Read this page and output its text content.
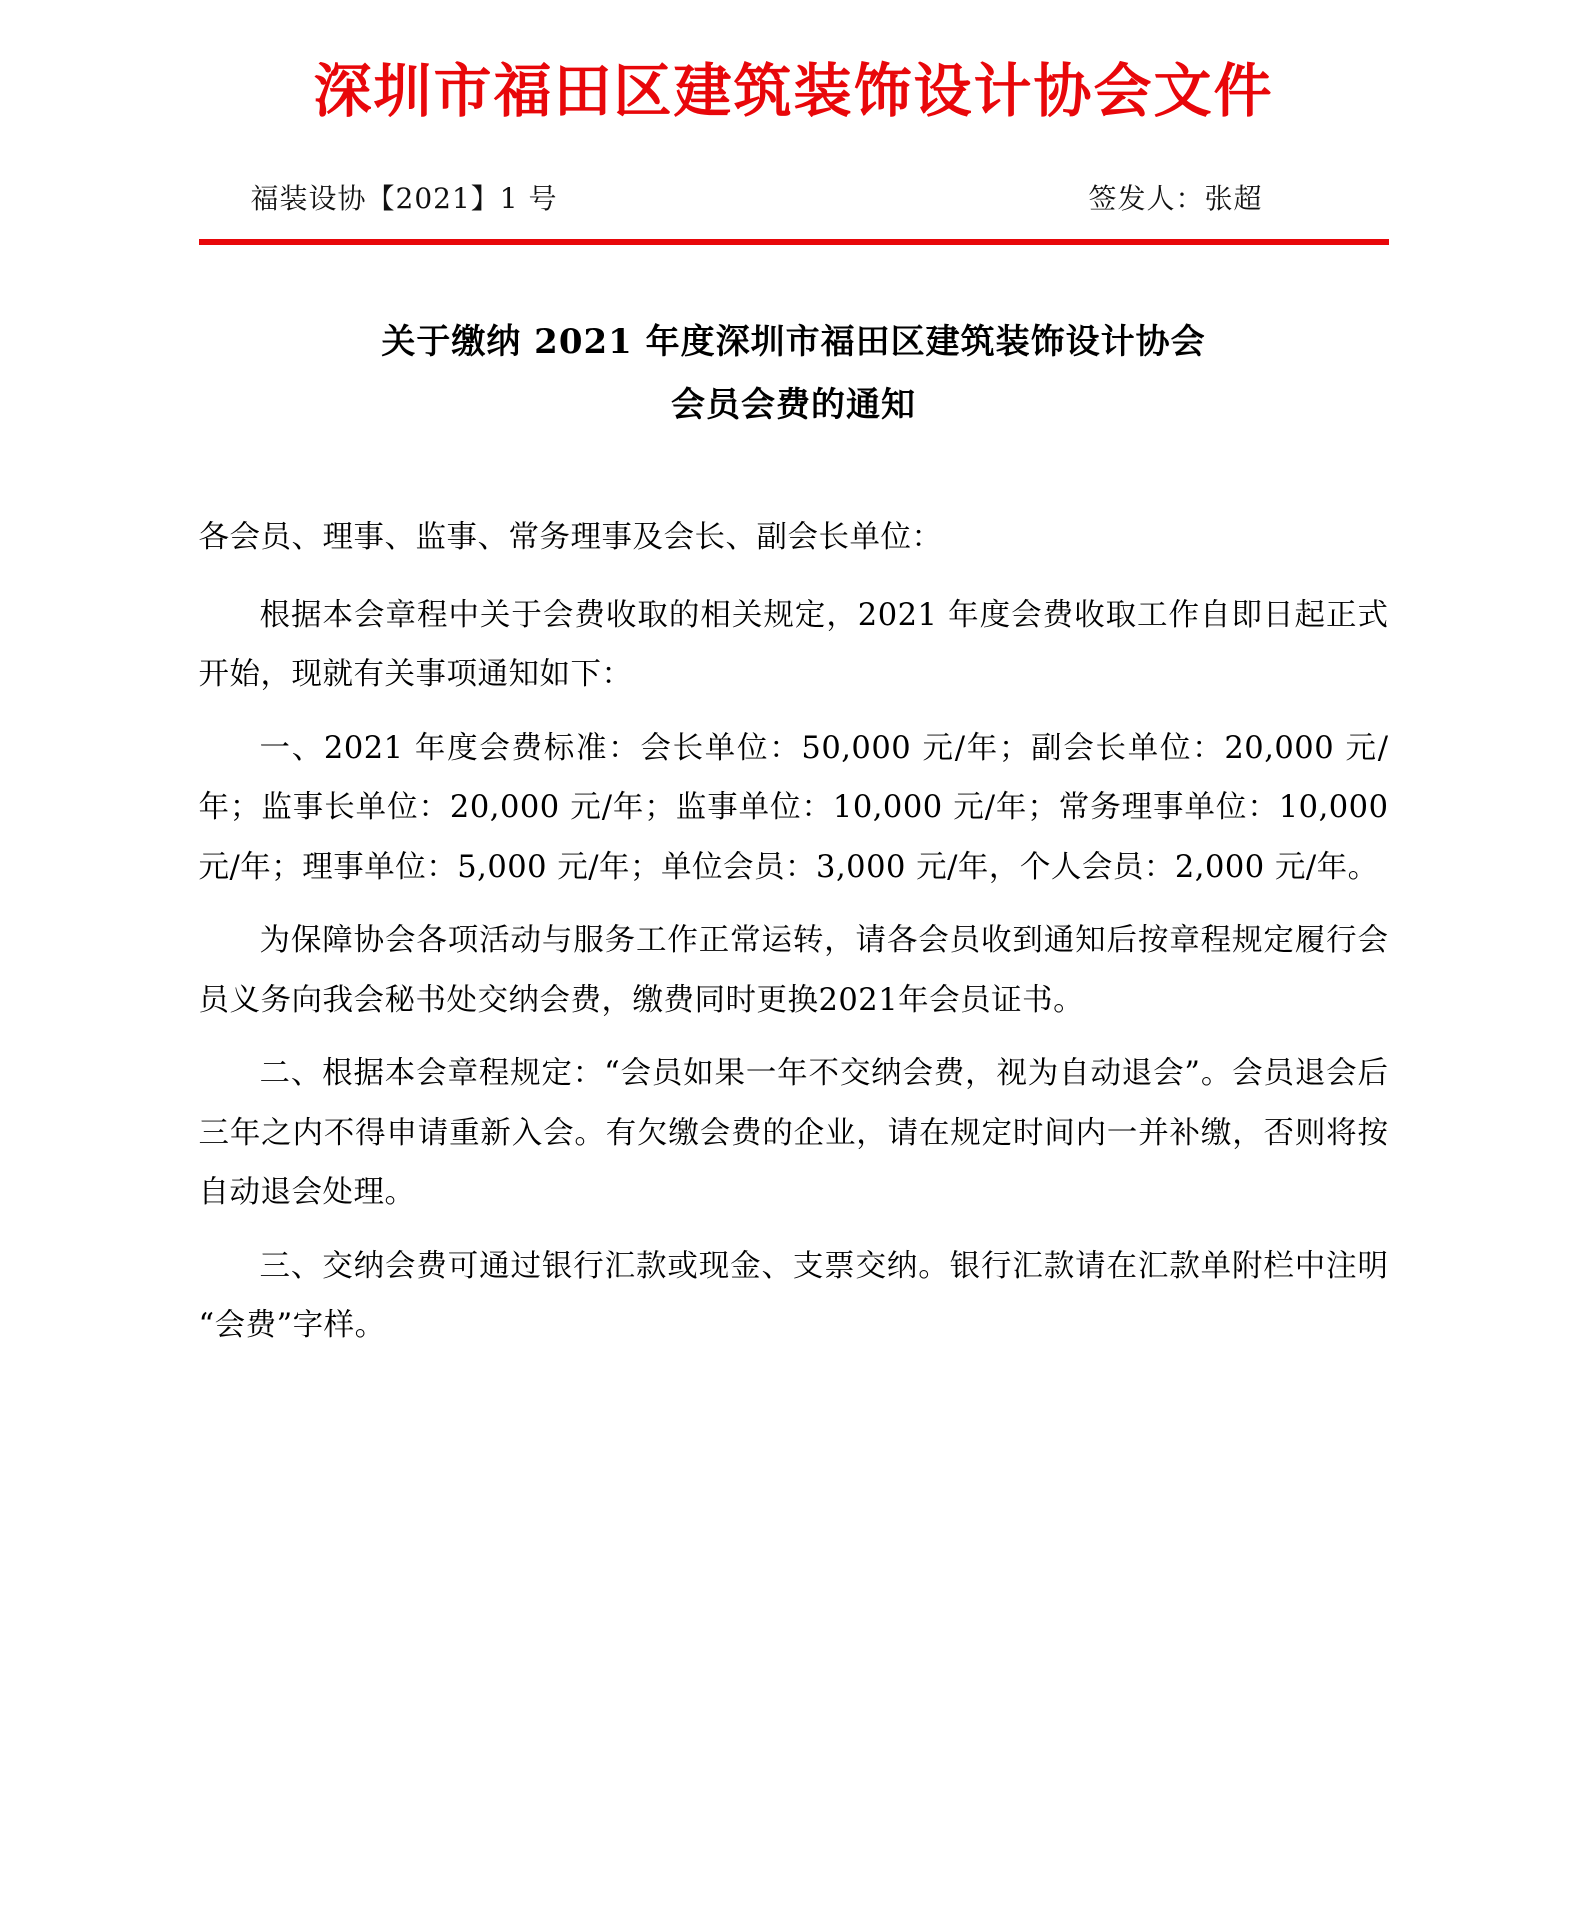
深圳市福田区建筑装饰设计协会文件
福装设协【2021】1 号	签发人：张超
关于缴纳 2021 年度深圳市福田区建筑装饰设计协会
会员会费的通知

各会员、理事、监事、常务理事及会长、副会长单位：

根据本会章程中关于会费收取的相关规定，2021 年度会费收取工作自即日起正式开始，现就有关事项通知如下：

一、2021 年度会费标准：会长单位：50,000 元/年；副会长单位：20,000 元/年；监事长单位：20,000 元/年；监事单位：10,000 元/年；常务理事单位：10,000 元/年；理事单位：5,000 元/年；单位会员：3,000 元/年，个人会员：2,000 元/年。

为保障协会各项活动与服务工作正常运转，请各会员收到通知后按章程规定履行会员义务向我会秘书处交纳会费，缴费同时更换2021年会员证书。

二、根据本会章程规定：“会员如果一年不交纳会费，视为自动退会”。会员退会后三年之内不得申请重新入会。有欠缴会费的企业，请在规定时间内一并补缴，否则将按自动退会处理。

三、交纳会费可通过银行汇款或现金、支票交纳。银行汇款请在汇款单附栏中注明“会费”字样。
